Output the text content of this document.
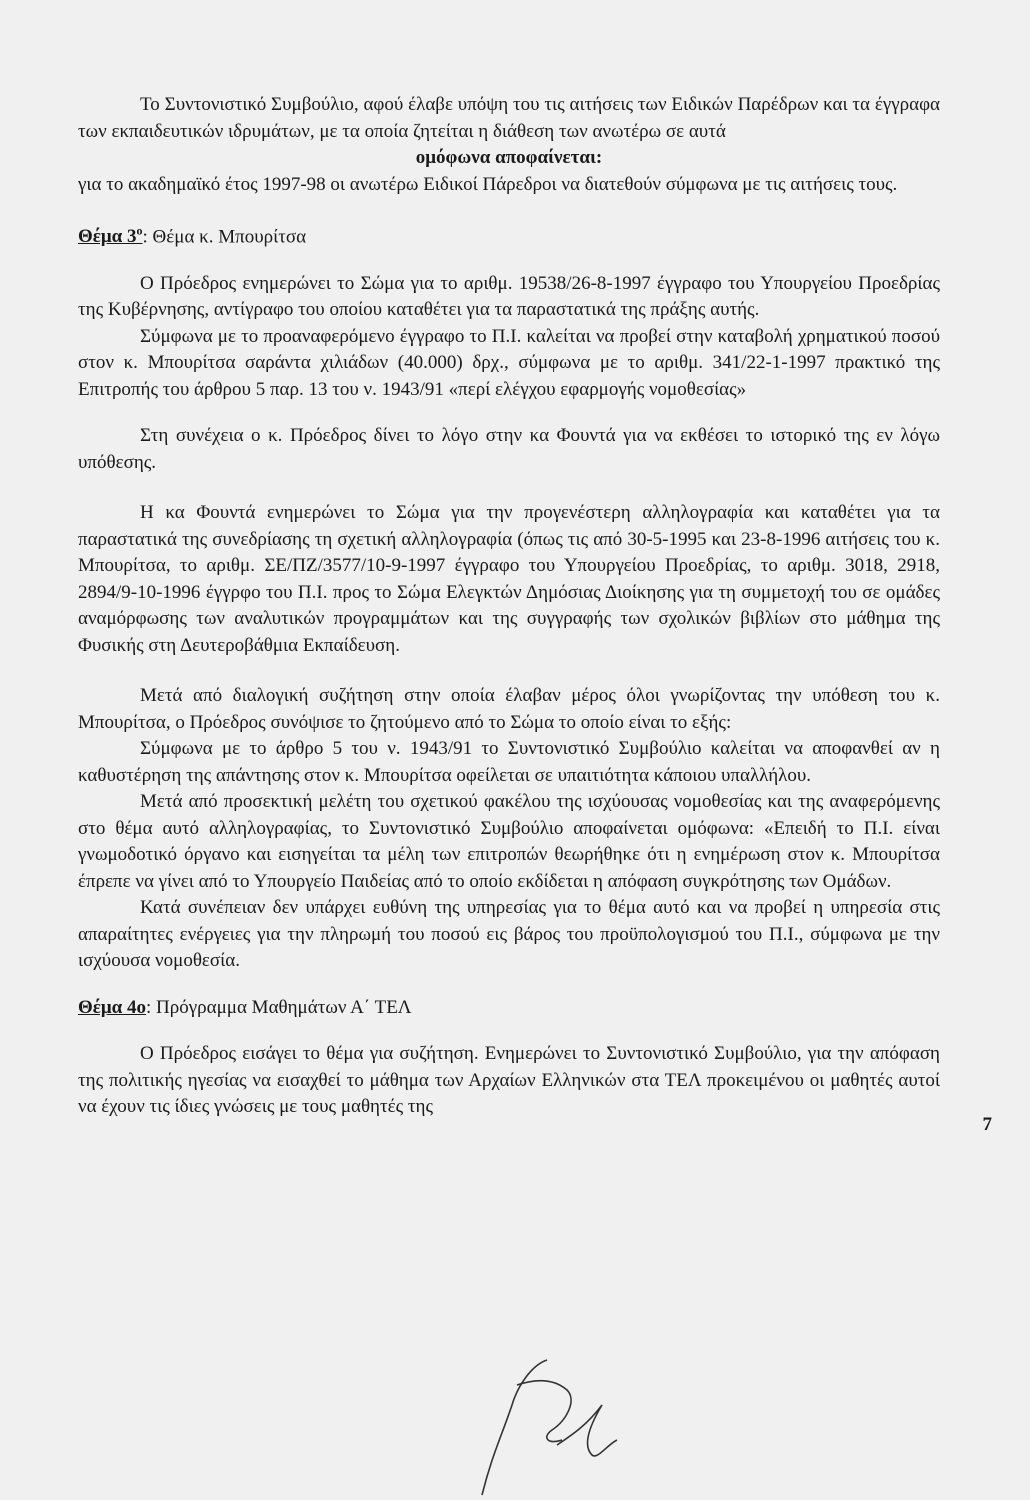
Το Συντονιστικό Συμβούλιο, αφού έλαβε υπόψη του τις αιτήσεις των Ειδικών Παρέδρων και τα έγγραφα των εκπαιδευτικών ιδρυμάτων, με τα οποία ζητείται η διάθεση των ανωτέρω σε αυτά

ομόφωνα αποφαίνεται:

για το ακαδημαϊκό έτος 1997-98 οι ανωτέρω Ειδικοί Πάρεδροι να διατεθούν σύμφωνα με τις αιτήσεις τους.

Θέμα $3^o$: Θέμα κ. Μπουρίτσα

Ο Πρόεδρος ενημερώνει το Σώμα για το αριθμ. 19538/26-8-1997 έγγραφο του Υπουργείου Προεδρίας της Κυβέρνησης, αντίγραφο του οποίου καταθέτει για τα παραστατικά της πράξης αυτής.

Σύμφωνα με το προαναφερόμενο έγγραφο το Π.Ι. καλείται να προβεί στην καταβολή χρηματικού ποσού στον κ. Μπουρίτσα σαράντα χιλιάδων (40.000) δρχ., σύμφωνα με το αριθμ. 341/22-1-1997 πρακτικό της Επιτροπής του άρθρου 5 παρ. 13 του ν. 1943/91 «περί ελέγχου εφαρμογής νομοθεσίας»

Στη συνέχεια ο κ. Πρόεδρος δίνει το λόγο στην κα Φουντά για να εκθέσει το ιστορικό της εν λόγω υπόθεσης.

Η κα Φουντά ενημερώνει το Σώμα για την προγενέστερη αλληλογραφία και καταθέτει για τα παραστατικά της συνεδρίασης τη σχετική αλληλογραφία (όπως τις από 30-5-1995 και 23-8-1996 αιτήσεις του κ. Μπουρίτσα, το αριθμ. ΣΕ/ΠΖ/3577/10-9-1997 έγγραφο του Υπουργείου Προεδρίας, το αριθμ. 3018, 2918, 2894/9-10-1996 έγγρφο του Π.Ι. προς το Σώμα Ελεγκτών Δημόσιας Διοίκησης για τη συμμετοχή του σε ομάδες αναμόρφωσης των αναλυτικών προγραμμάτων και της συγγραφής των σχολικών βιβλίων στο μάθημα της Φυσικής στη Δευτεροβάθμια Εκπαίδευση.

Μετά από διαλογική συζήτηση στην οποία έλαβαν μέρος όλοι γνωρίζοντας την υπόθεση του κ. Μπουρίτσα, ο Πρόεδρος συνόψισε το ζητούμενο από το Σώμα το οποίο είναι το εξής:

Σύμφωνα με το άρθρο 5 του ν. 1943/91 το Συντονιστικό Συμβούλιο καλείται να αποφανθεί αν η καθυστέρηση της απάντησης στον κ. Μπουρίτσα οφείλεται σε υπαιτιότητα κάποιου υπαλλήλου.

Μετά από προσεκτική μελέτη του σχετικού φακέλου της ισχύουσας νομοθεσίας και της αναφερόμενης στο θέμα αυτό αλληλογραφίας, το Συντονιστικό Συμβούλιο αποφαίνεται ομόφωνα: «Επειδή το Π.Ι. είναι γνωμοδοτικό όργανο και εισηγείται τα μέλη των επιτροπών θεωρήθηκε ότι η ενημέρωση στον κ. Μπουρίτσα έπρεπε να γίνει από το Υπουργείο Παιδείας από το οποίο εκδίδεται η απόφαση συγκρότησης των Ομάδων.

Κατά συνέπειαν δεν υπάρχει ευθύνη της υπηρεσίας για το θέμα αυτό και να προβεί η υπηρεσία στις απαραίτητες ενέργειες για την πληρωμή του ποσού εις βάρος του προϋπολογισμού του Π.Ι., σύμφωνα με την ισχύουσα νομοθεσία.

Θέμα 4ο: Πρόγραμμα Μαθημάτων Α΄ ΤΕΛ

Ο Πρόεδρος εισάγει το θέμα για συζήτηση. Ενημερώνει το Συντονιστικό Συμβούλιο, για την απόφαση της πολιτικής ηγεσίας να εισαχθεί το μάθημα των Αρχαίων Ελληνικών στα ΤΕΛ προκειμένου οι μαθητές αυτοί να έχουν τις ίδιες γνώσεις με τους μαθητές της

7
